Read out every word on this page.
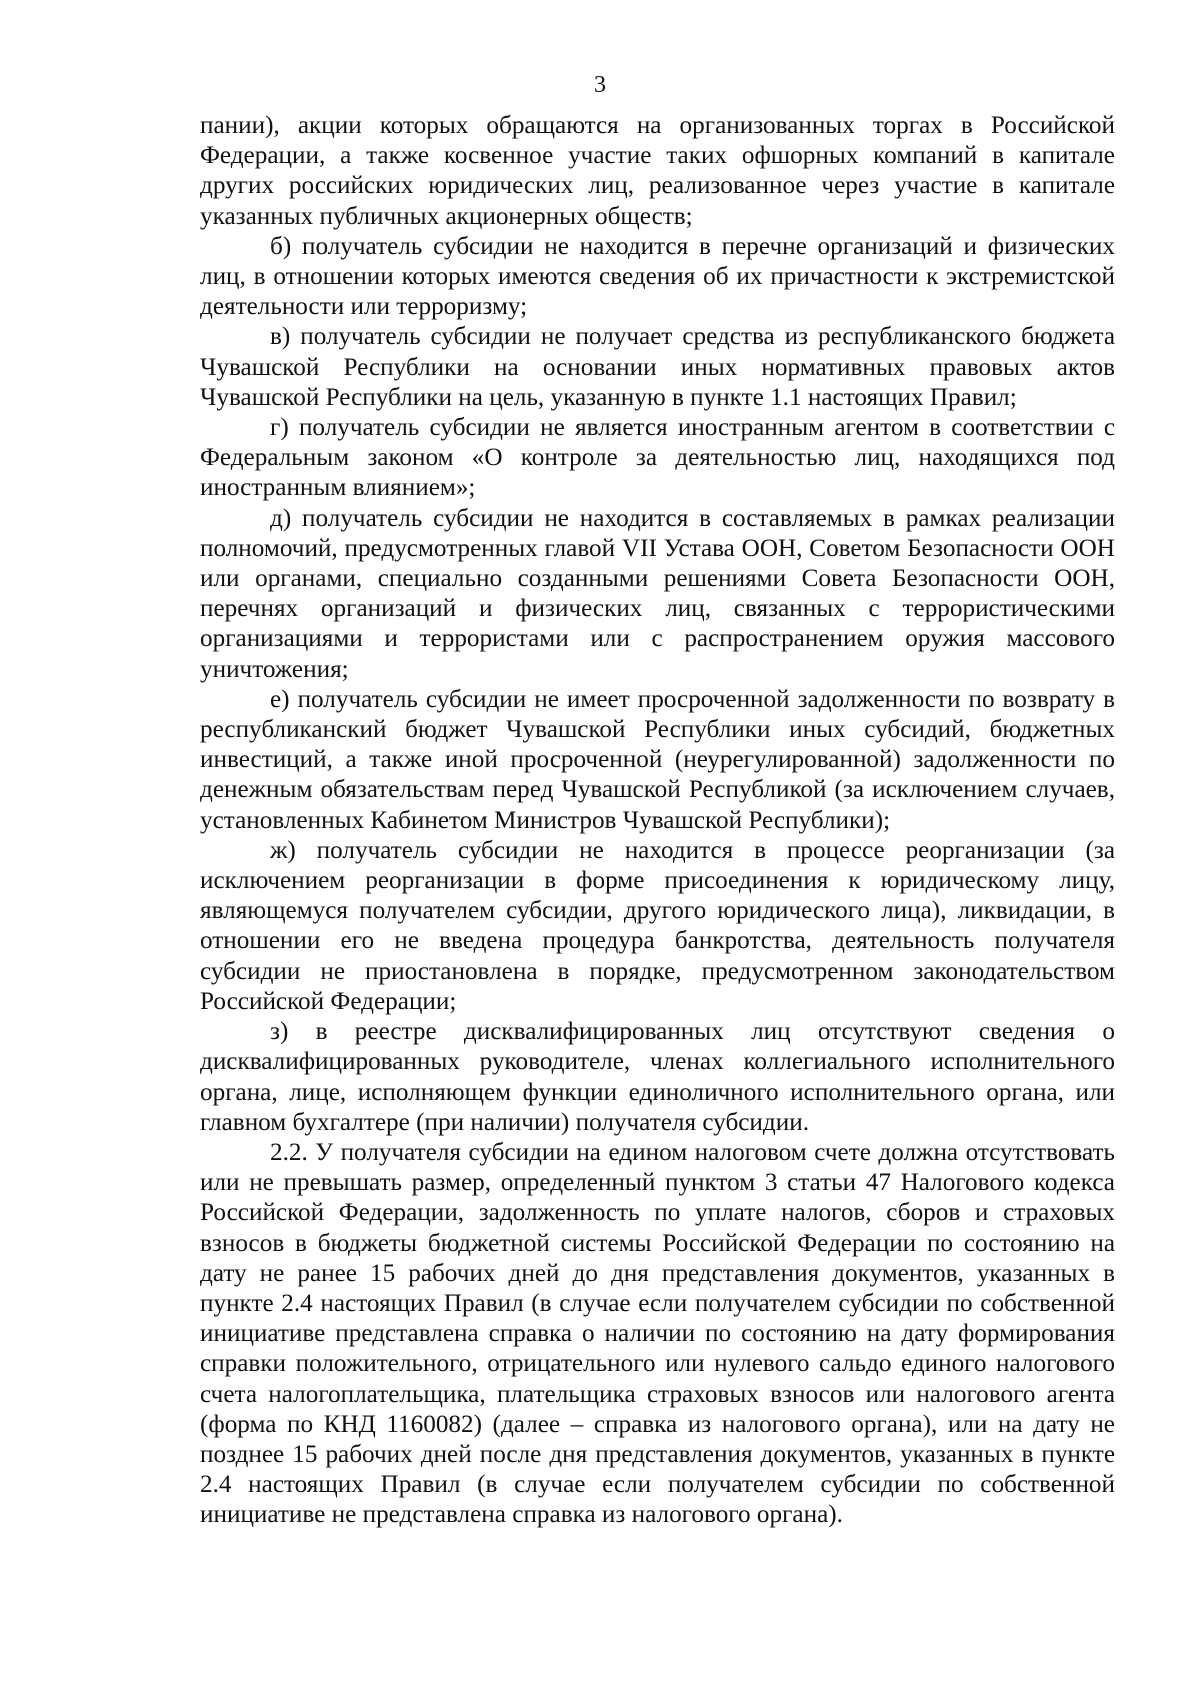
3

пании), акции которых обращаются на организованных торгах в Российской Федерации, а также косвенное участие таких офшорных компаний в капитале других российских юридических лиц, реализованное через участие в капитале указанных публичных акционерных обществ;

б) получатель субсидии не находится в перечне организаций и физических лиц, в отношении которых имеются сведения об их причастности к экстремистской деятельности или терроризму;

в) получатель субсидии не получает средства из республиканского бюджета Чувашской Республики на основании иных нормативных правовых актов Чувашской Республики на цель, указанную в пункте 1.1 настоящих Правил;

г) получатель субсидии не является иностранным агентом в соответствии с Федеральным законом «О контроле за деятельностью лиц, находящихся под иностранным влиянием»;

д) получатель субсидии не находится в составляемых в рамках реализации полномочий, предусмотренных главой VII Устава ООН, Советом Безопасности ООН или органами, специально созданными решениями Совета Безопасности ООН, перечнях организаций и физических лиц, связанных с террористическими организациями и террористами или с распространением оружия массового уничтожения;

е) получатель субсидии не имеет просроченной задолженности по возврату в республиканский бюджет Чувашской Республики иных субсидий, бюджетных инвестиций, а также иной просроченной (неурегулированной) задолженности по денежным обязательствам перед Чувашской Республикой (за исключением случаев, установленных Кабинетом Министров Чувашской Республики);

ж) получатель субсидии не находится в процессе реорганизации (за исключением реорганизации в форме присоединения к юридическому лицу, являющемуся получателем субсидии, другого юридического лица), ликвидации, в отношении его не введена процедура банкротства, деятельность получателя субсидии не приостановлена в порядке, предусмотренном законодательством Российской Федерации;

з) в реестре дисквалифицированных лиц отсутствуют сведения о дисквалифицированных руководителе, членах коллегиального исполнительного органа, лице, исполняющем функции единоличного исполнительного органа, или главном бухгалтере (при наличии) получателя субсидии.

2.2. У получателя субсидии на едином налоговом счете должна отсутствовать или не превышать размер, определенный пунктом 3 статьи 47 Налогового кодекса Российской Федерации, задолженность по уплате налогов, сборов и страховых взносов в бюджеты бюджетной системы Российской Федерации по состоянию на дату не ранее 15 рабочих дней до дня представления документов, указанных в пункте 2.4 настоящих Правил (в случае если получателем субсидии по собственной инициативе представлена справка о наличии по состоянию на дату формирования справки положительного, отрицательного или нулевого сальдо единого налогового счета налогоплательщика, плательщика страховых взносов или налогового агента (форма по КНД 1160082) (далее – справка из налогового органа), или на дату не позднее 15 рабочих дней после дня представления документов, указанных в пункте 2.4 настоящих Правил (в случае если получателем субсидии по собственной инициативе не представлена справка из налогового органа).
